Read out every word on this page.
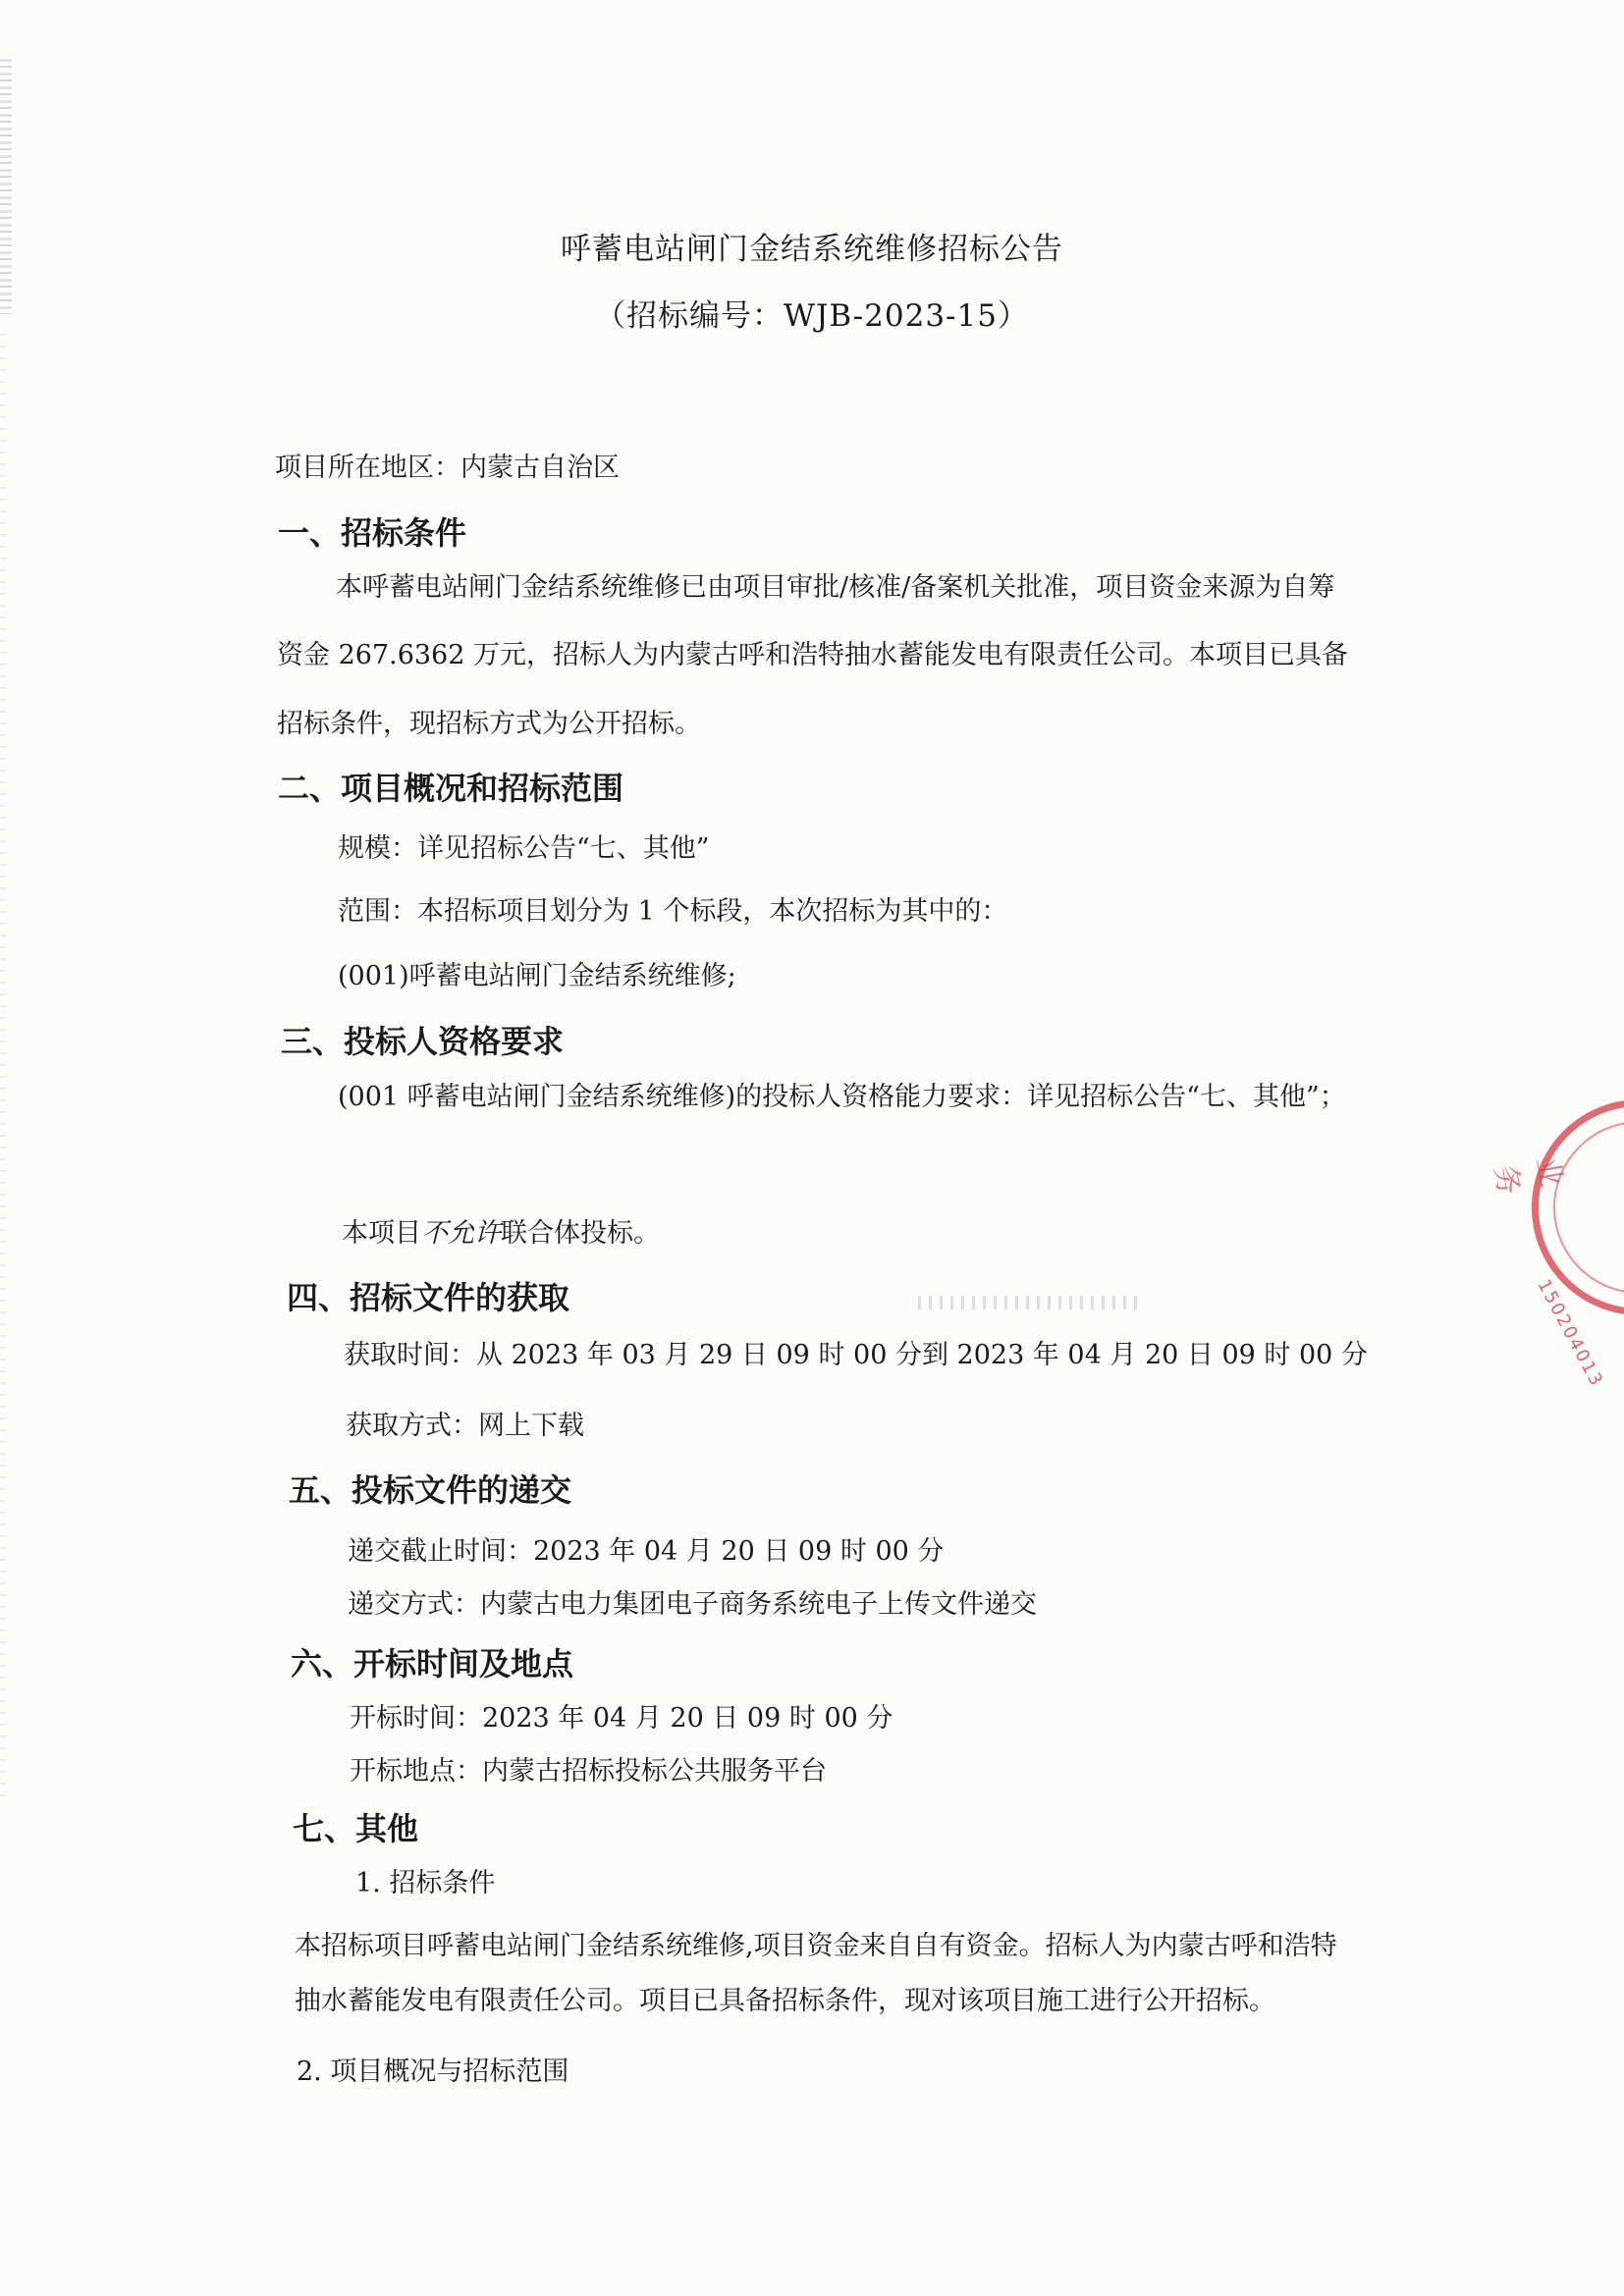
呼蓄电站闸门金结系统维修招标公告
（招标编号：WJB-2023-15）
项目所在地区：内蒙古自治区
一、招标条件
本呼蓄电站闸门金结系统维修已由项目审批/核准/备案机关批准，项目资金来源为自筹
资金 267.6362 万元，招标人为内蒙古呼和浩特抽水蓄能发电有限责任公司。本项目已具备
招标条件，现招标方式为公开招标。
二、项目概况和招标范围
规模：详见招标公告“七、其他”
范围：本招标项目划分为 1 个标段，本次招标为其中的：
(001)呼蓄电站闸门金结系统维修;
三、投标人资格要求
(001 呼蓄电站闸门金结系统维修)的投标人资格能力要求：详见招标公告“七、其他”；
本项目不允许联合体投标。
四、招标文件的获取
获取时间：从 2023 年 03 月 29 日 09 时 00 分到 2023 年 04 月 20 日 09 时 00 分
获取方式：网上下载
五、投标文件的递交
递交截止时间：2023 年 04 月 20 日 09 时 00 分
递交方式：内蒙古电力集团电子商务系统电子上传文件递交
六、开标时间及地点
开标时间：2023 年 04 月 20 日 09 时 00 分
开标地点：内蒙古招标投标公共服务平台
七、其他
1. 招标条件
本招标项目呼蓄电站闸门金结系统维修,项目资金来自自有资金。招标人为内蒙古呼和浩特
抽水蓄能发电有限责任公司。项目已具备招标条件，现对该项目施工进行公开招标。
2. 项目概况与招标范围
业务
150204013
